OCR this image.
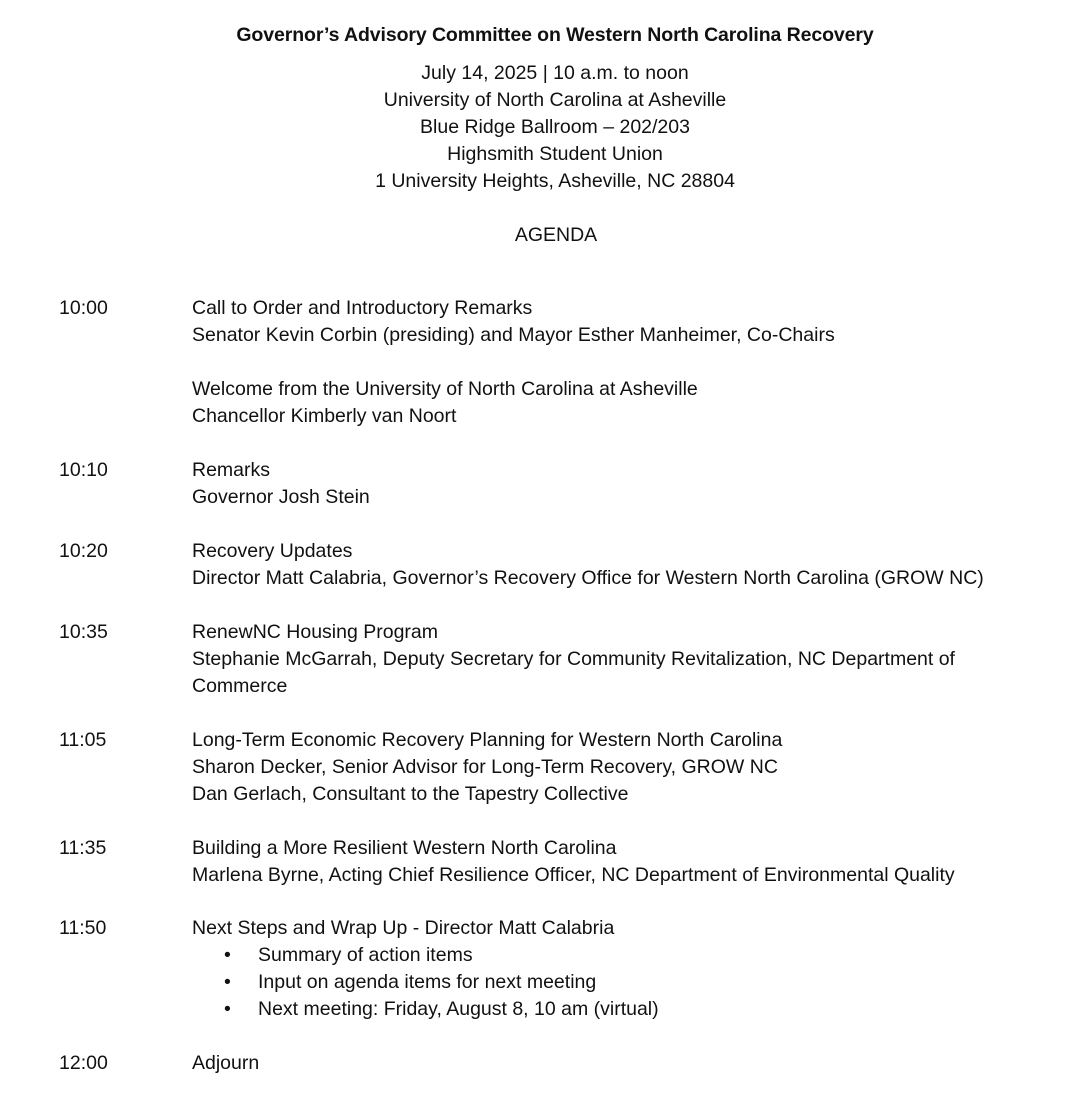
Governor’s Advisory Committee on Western North Carolina Recovery
July 14, 2025 | 10 a.m. to noon
University of North Carolina at Asheville
Blue Ridge Ballroom – 202/203
Highsmith Student Union
1 University Heights, Asheville, NC 28804
AGENDA
10:00	Call to Order and Introductory Remarks
Senator Kevin Corbin (presiding) and Mayor Esther Manheimer, Co-Chairs
Welcome from the University of North Carolina at Asheville
Chancellor Kimberly van Noort
10:10	Remarks
Governor Josh Stein
10:20	Recovery Updates
Director Matt Calabria, Governor’s Recovery Office for Western North Carolina (GROW NC)
10:35	RenewNC Housing Program
Stephanie McGarrah, Deputy Secretary for Community Revitalization, NC Department of
Commerce
11:05	Long-Term Economic Recovery Planning for Western North Carolina
Sharon Decker, Senior Advisor for Long-Term Recovery, GROW NC
Dan Gerlach, Consultant to the Tapestry Collective
11:35	Building a More Resilient Western North Carolina
Marlena Byrne, Acting Chief Resilience Officer, NC Department of Environmental Quality
11:50	Next Steps and Wrap Up - Director Matt Calabria
• Summary of action items
• Input on agenda items for next meeting
• Next meeting: Friday, August 8, 10 am (virtual)
12:00	Adjourn
